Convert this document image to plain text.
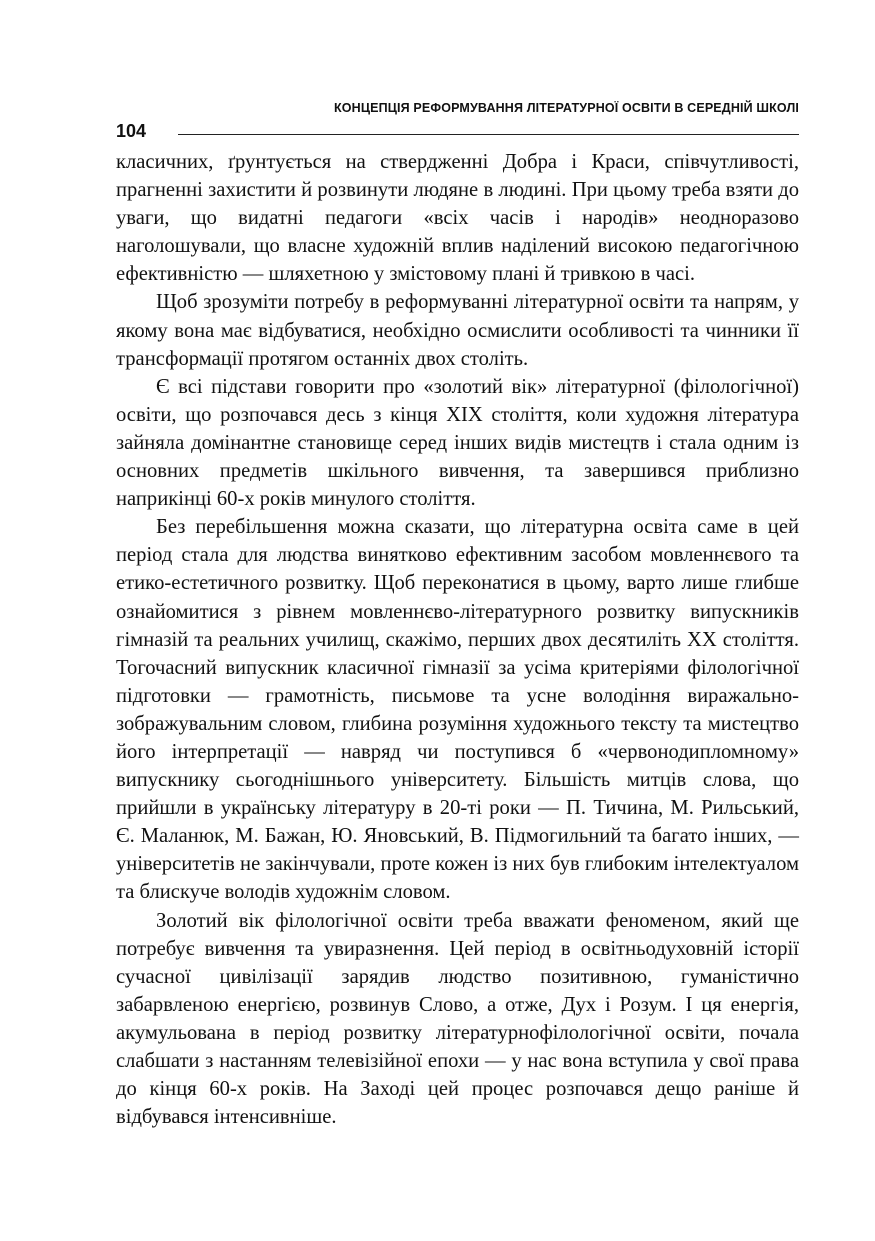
КОНЦЕПЦІЯ РЕФОРМУВАННЯ ЛІТЕРАТУРНОЇ ОСВІТИ В СЕРЕДНІЙ ШКОЛІ
104

класичних, ґрунтується на ствердженні Добра і Краси, співчутливості, прагненні захистити й розвинути людяне в людині. При цьому треба взяти до уваги, що видатні педагоги «всіх часів і народів» неодноразово наголошували, що власне художній вплив наділений високою педагогічною ефективністю — шляхетною у змістовому плані й тривкою в часі.

Щоб зрозуміти потребу в реформуванні літературної освіти та напрям, у якому вона має відбуватися, необхідно осмислити особливості та чинники її трансформації протягом останніх двох століть.

Є всі підстави говорити про «золотий вік» літературної (філологічної) освіти, що розпочався десь з кінця XIX століття, коли художня література зайняла домінантне становище серед інших видів мистецтв і стала одним із основних предметів шкільного вивчення, та завершився приблизно наприкінці 60-х років минулого століття.

Без перебільшення можна сказати, що літературна освіта саме в цей період стала для людства винятково ефективним засобом мовленнєвого та етико-естетичного розвитку. Щоб переконатися в цьому, варто лише глибше ознайомитися з рівнем мовленнєво-літературного розвитку випускників гімназій та реальних училищ, скажімо, перших двох десятиліть XX століття. Тогочасний випускник класичної гімназії за усіма критеріями філологічної підготовки — грамотність, письмове та усне володіння виражально-зображувальним словом, глибина розуміння художнього тексту та мистецтво його інтерпретації — навряд чи поступився б «червонодипломному» випускнику сьогоднішнього університету. Більшість митців слова, що прийшли в українську літературу в 20-ті роки — П. Тичина, М. Рильський, Є. Маланюк, М. Бажан, Ю. Яновський, В. Підмогильний та багато інших, — університетів не закінчували, проте кожен із них був глибоким інтелектуалом та блискуче володів художнім словом.

Золотий вік філологічної освіти треба вважати феноменом, який ще потребує вивчення та увиразнення. Цей період в освітньодуховній історії сучасної цивілізації зарядив людство позитивною, гуманістично забарвленою енергією, розвинув Слово, а отже, Дух і Розум. І ця енергія, акумульована в період розвитку літературнофілологічної освіти, почала слабшати з настанням телевізійної епохи — у нас вона вступила у свої права до кінця 60-х років. На Заході цей процес розпочався дещо раніше й відбувався інтенсивніше.
